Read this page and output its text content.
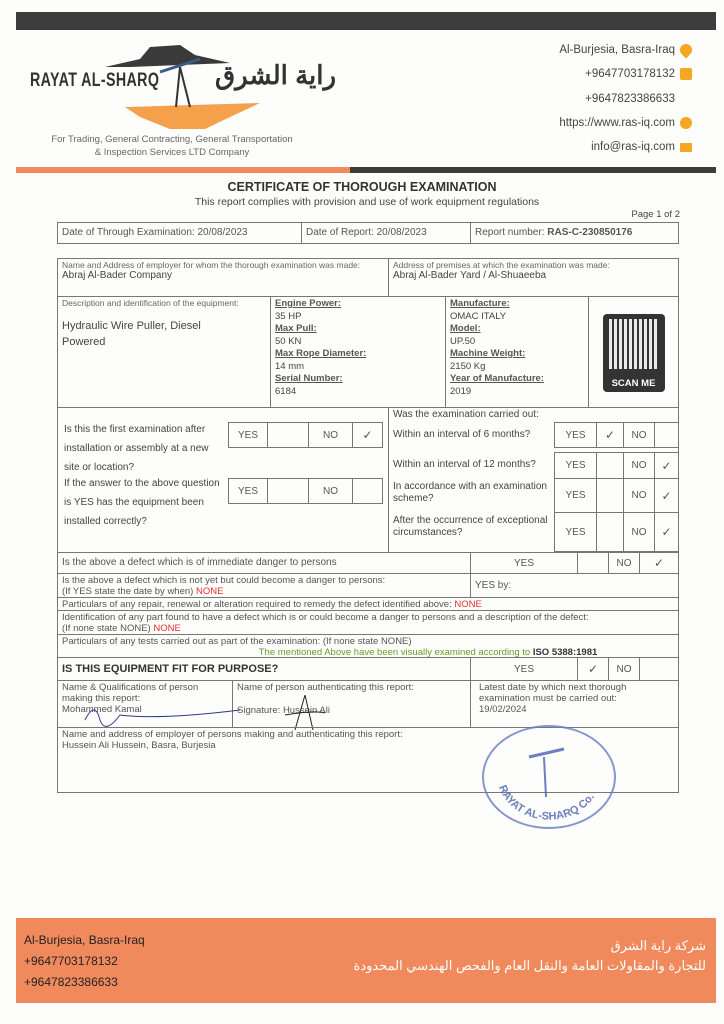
RAYAT AL-SHARQ راية الشرق
For Trading, General Contracting, General Transportation
& Inspection Services LTD Company
Al-Burjesia, Basra-Iraq
+9647703178132
+9647823386633
https://www.ras-iq.com
info@ras-iq.com
CERTIFICATE OF THOROUGH EXAMINATION
This report complies with provision and use of work equipment regulations
Page 1 of 2
Date of Through Examination: 20/08/2023	Date of Report: 20/08/2023	Report number: RAS-C-230850176
Name and Address of employer for whom the thorough examination was made:
Abraj Al-Bader Company
Address of premises at which the examination was made:
Abraj Al-Bader Yard / Al-Shuaeeba
Description and identification of the equipment:
Hydraulic Wire Puller, Diesel Powered
Engine Power:
35 HP
Max Pull:
50 KN
Max Rope Diameter:
14 mm
Serial Number:
6184
Manufacture:
OMAC ITALY
Model:
UP.50
Machine Weight:
2150 Kg
Year of Manufacture:
2019
SCAN ME
Is this the first examination after installation or assembly at a new site or location?
YES	NO	✓
If the answer to the above question is YES has the equipment been installed correctly?
YES	NO
Was the examination carried out:
Within an interval of 6 months?	YES	✓	NO
Within an interval of 12 months?	YES	NO	✓
In accordance with an examination scheme?	YES	NO	✓
After the occurrence of exceptional circumstances?	YES	NO	✓
Is the above a defect which is of immediate danger to persons	YES	NO	✓
Is the above a defect which is not yet but could become a danger to persons:
(If YES state the date by when) NONE
YES by:
Particulars of any repair, renewal or alteration required to remedy the defect identified above: NONE
Identification of any part found to have a defect which is or could become a danger to persons and a description of the defect:
(If none state NONE) NONE
Particulars of any tests carried out as part of the examination: (If none state NONE)
The mentioned Above have been visually examined according to ISO 5388:1981
IS THIS EQUIPMENT FIT FOR PURPOSE?	YES	✓	NO
Name & Qualifications of person making this report:
Mohammed Kamal
Name of person authenticating this report:
Signature: Hussein Ali
Latest date by which next thorough examination must be carried out:
19/02/2024
Name and address of employer of persons making and authenticating this report:
Hussein Ali Hussein, Basra, Burjesia
RAYAT AL-SHARQ Co.
Al-Burjesia, Basra-Iraq
+9647703178132
+9647823386633
شركة راية الشرق
للتجارة والمقاولات العامة والنقل العام والفحص الهندسي المحدودة
